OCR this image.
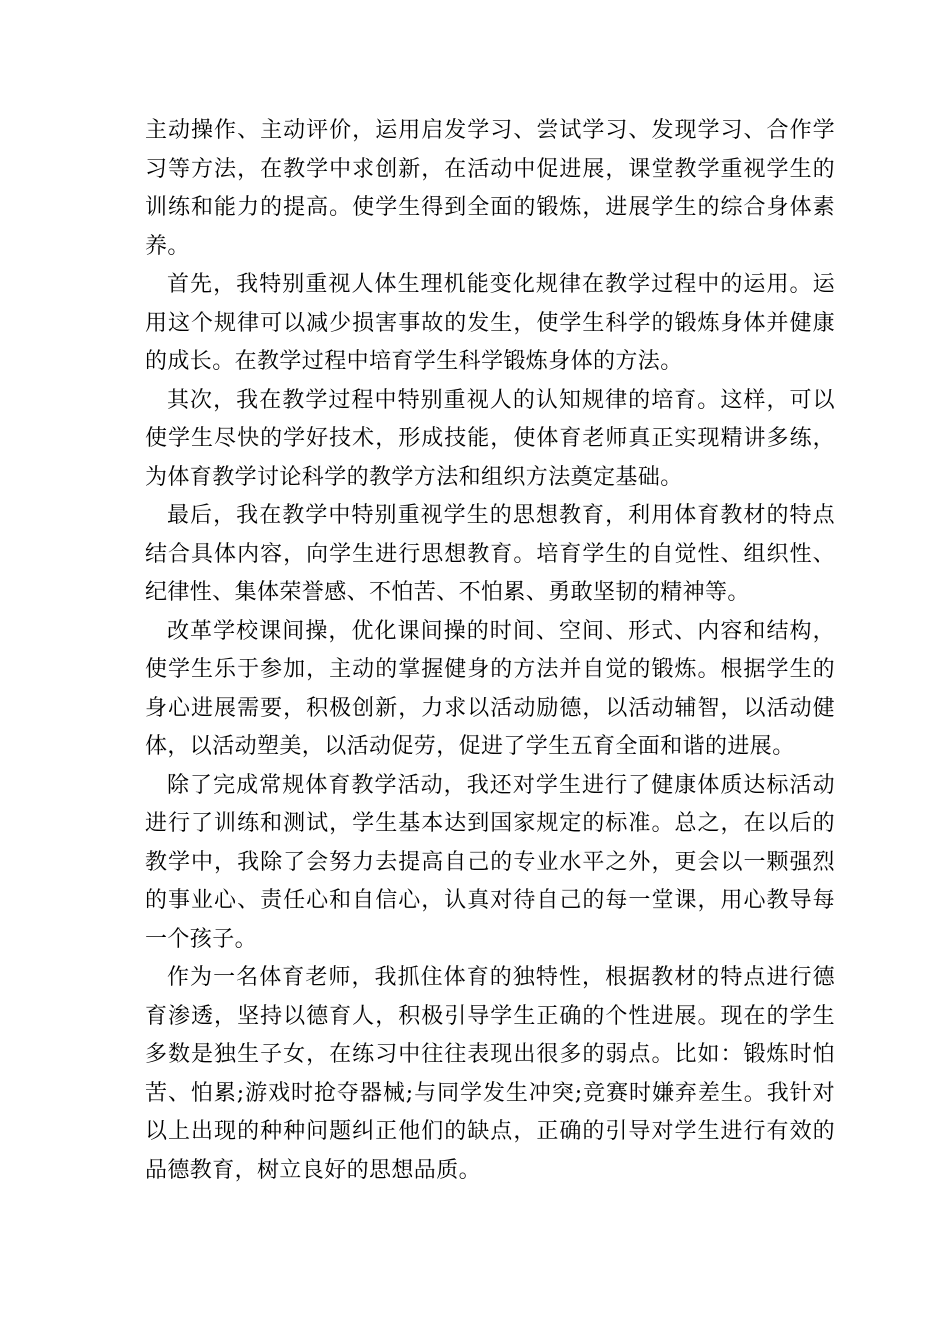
主动操作、主动评价，运用启发学习、尝试学习、发现学习、合作学习等方法，在教学中求创新，在活动中促进展，课堂教学重视学生的训练和能力的提高。使学生得到全面的锻炼，进展学生的综合身体素养。

首先，我特别重视人体生理机能变化规律在教学过程中的运用。运用这个规律可以减少损害事故的发生，使学生科学的锻炼身体并健康的成长。在教学过程中培育学生科学锻炼身体的方法。

其次，我在教学过程中特别重视人的认知规律的培育。这样，可以使学生尽快的学好技术，形成技能，使体育老师真正实现精讲多练，为体育教学讨论科学的教学方法和组织方法奠定基础。

最后，我在教学中特别重视学生的思想教育，利用体育教材的特点结合具体内容，向学生进行思想教育。培育学生的自觉性、组织性、纪律性、集体荣誉感、不怕苦、不怕累、勇敢坚韧的精神等。

改革学校课间操，优化课间操的时间、空间、形式、内容和结构，使学生乐于参加，主动的掌握健身的方法并自觉的锻炼。根据学生的身心进展需要，积极创新，力求以活动励德，以活动辅智，以活动健体，以活动塑美，以活动促劳，促进了学生五育全面和谐的进展。

除了完成常规体育教学活动，我还对学生进行了健康体质达标活动进行了训练和测试，学生基本达到国家规定的标准。总之，在以后的教学中，我除了会努力去提高自己的专业水平之外，更会以一颗强烈的事业心、责任心和自信心，认真对待自己的每一堂课，用心教导每一个孩子。

作为一名体育老师，我抓住体育的独特性，根据教材的特点进行德育渗透，坚持以德育人，积极引导学生正确的个性进展。现在的学生多数是独生子女，在练习中往往表现出很多的弱点。比如：锻炼时怕苦、怕累;游戏时抢夺器械;与同学发生冲突;竞赛时嫌弃差生。我针对以上出现的种种问题纠正他们的缺点，正确的引导对学生进行有效的品德教育，树立良好的思想品质。
